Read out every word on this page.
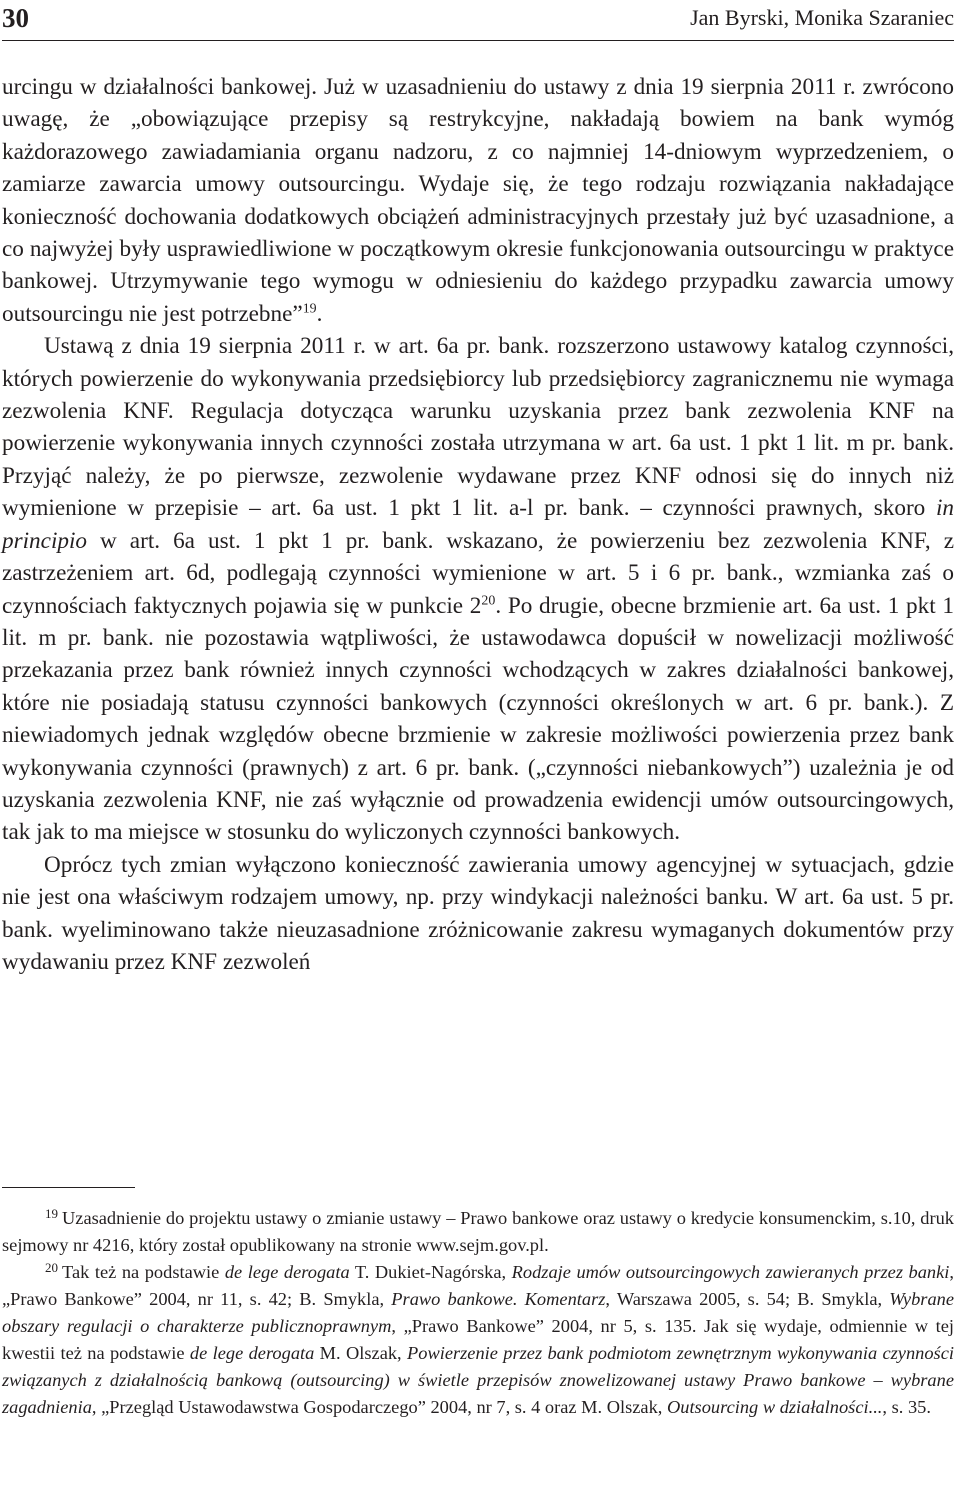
30	Jan Byrski, Monika Szaraniec

urcingu w działalności bankowej. Już w uzasadnieniu do ustawy z dnia 19 sierpnia 2011 r. zwrócono uwagę, że „obowiązujące przepisy są restrykcyjne, nakładają bowiem na bank wymóg każdorazowego zawiadamiania organu nadzoru, z co najmniej 14-dniowym wyprzedzeniem, o zamiarze zawarcia umowy outsourcingu. Wydaje się, że tego rodzaju rozwiązania nakładające konieczność dochowania dodatkowych obciążeń administracyjnych przestały już być uzasadnione, a co najwyżej były usprawiedliwione w początkowym okresie funkcjonowania outsourcingu w praktyce bankowej. Utrzymywanie tego wymogu w odniesieniu do każdego przypadku zawarcia umowy outsourcingu nie jest potrzebne”$^{19}$.

Ustawą z dnia 19 sierpnia 2011 r. w art. 6a pr. bank. rozszerzono ustawowy katalog czynności, których powierzenie do wykonywania przedsiębiorcy lub przedsiębiorcy zagranicznemu nie wymaga zezwolenia KNF. Regulacja dotycząca warunku uzyskania przez bank zezwolenia KNF na powierzenie wykonywania innych czynności została utrzymana w art. 6a ust. 1 pkt 1 lit. m pr. bank. Przyjąć należy, że po pierwsze, zezwolenie wydawane przez KNF odnosi się do innych niż wymienione w przepisie – art. 6a ust. 1 pkt 1 lit. a-l pr. bank. – czynności prawnych, skoro in principio w art. 6a ust. 1 pkt 1 pr. bank. wskazano, że powierzeniu bez zezwolenia KNF, z zastrzeżeniem art. 6d, podlegają czynności wymienione w art. 5 i 6 pr. bank., wzmianka zaś o czynnościach faktycznych pojawia się w punkcie $2^{20}$. Po drugie, obecne brzmienie art. 6a ust. 1 pkt 1 lit. m pr. bank. nie pozostawia wątpliwości, że ustawodawca dopuścił w nowelizacji możliwość przekazania przez bank również innych czynności wchodzących w zakres działalności bankowej, które nie posiadają statusu czynności bankowych (czynności określonych w art. 6 pr. bank.). Z niewiadomych jednak względów obecne brzmienie w zakresie możliwości powierzenia przez bank wykonywania czynności (prawnych) z art. 6 pr. bank. („czynności niebankowych”) uzależnia je od uzyskania zezwolenia KNF, nie zaś wyłącznie od prowadzenia ewidencji umów outsourcingowych, tak jak to ma miejsce w stosunku do wyliczonych czynności bankowych.

Oprócz tych zmian wyłączono konieczność zawierania umowy agencyjnej w sytuacjach, gdzie nie jest ona właściwym rodzajem umowy, np. przy windykacji należności banku. W art. 6a ust. 5 pr. bank. wyeliminowano także nieuzasadnione zróżnicowanie zakresu wymaganych dokumentów przy wydawaniu przez KNF zezwoleń

$^{19}$ Uzasadnienie do projektu ustawy o zmianie ustawy – Prawo bankowe oraz ustawy o kredycie konsumenckim, s.10, druk sejmowy nr 4216, który został opublikowany na stronie www.sejm.gov.pl.

$^{20}$ Tak też na podstawie de lege derogata T. Dukiet-Nagórska, Rodzaje umów outsourcingowych zawieranych przez banki, „Prawo Bankowe” 2004, nr 11, s. 42; B. Smykla, Prawo bankowe. Komentarz, Warszawa 2005, s. 54; B. Smykla, Wybrane obszary regulacji o charakterze publicznoprawnym, „Prawo Bankowe” 2004, nr 5, s. 135. Jak się wydaje, odmiennie w tej kwestii też na podstawie de lege derogata M. Olszak, Powierzenie przez bank podmiotom zewnętrznym wykonywania czynności związanych z działalnością bankową (outsourcing) w świetle przepisów znowelizowanej ustawy Prawo bankowe – wybrane zagadnienia, „Przegląd Ustawodawstwa Gospodarczego” 2004, nr 7, s. 4 oraz M. Olszak, Outsourcing w działalności..., s. 35.
